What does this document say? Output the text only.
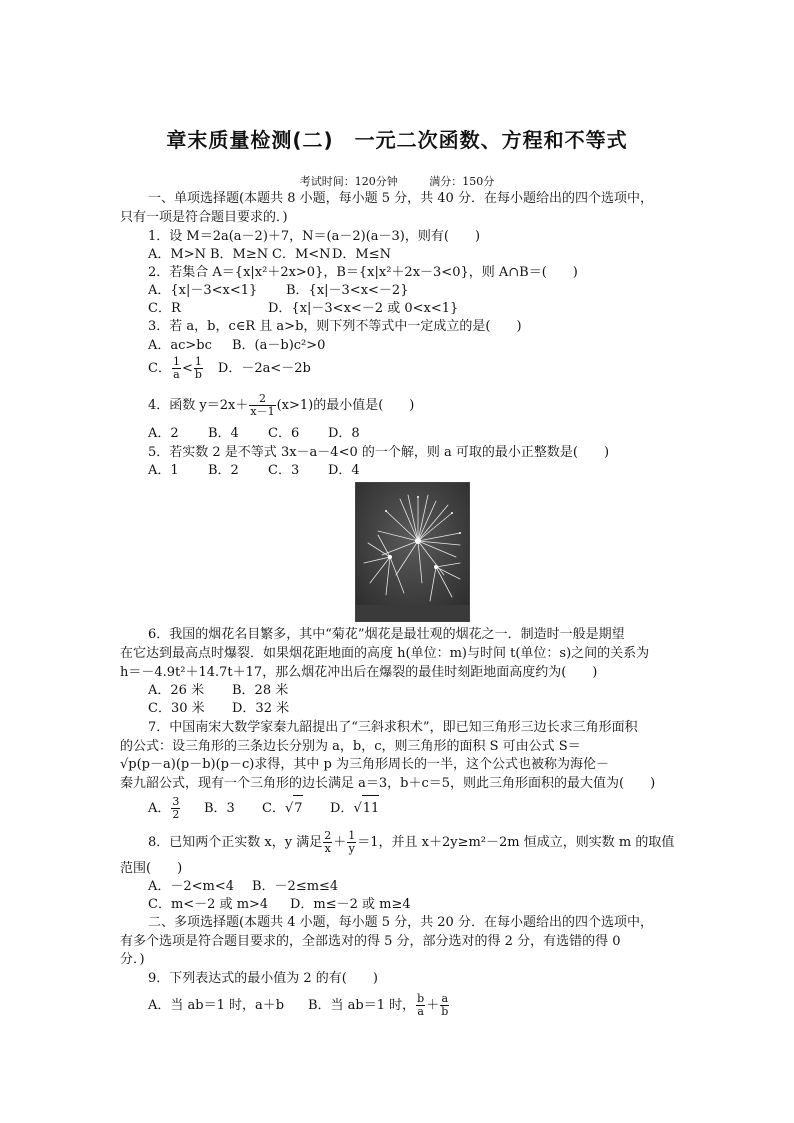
章末质量检测(二)　一元二次函数、方程和不等式
考试时间：120分钟	满分：150分
一、单项选择题(本题共 8 小题，每小题 5 分，共 40 分．在每小题给出的四个选项中，
只有一项是符合题目要求的．)
1．设 M＝2a(a－2)＋7，N＝(a－2)(a－3)，则有(　　)
A．M>N B．M≥N C．M<ND．M≤N
2．若集合 A＝{x|x²＋2x>0}，B＝{x|x²＋2x－3<0}，则 A∩B＝(　　)
A．{x|－3<x<1} B．{x|－3<x<－2}
C．R	D．{x|－3<x<－2 或 0<x<1}
3．若 a，b，c∈R 且 a>b，则下列不等式中一定成立的是(　　)
A．ac>bc B．(a－b)c²>0
C． $\frac{1}{a} < \frac{1}{b}$ D．－2a<－2b
4．函数 $y=2x+ \frac{2}{x-1} (x>1)$的最小值是(　　)
A．2 B．4 C．6 D．8
5．若实数 2 是不等式 3x－a－4<0 的一个解，则 a 可取的最小正整数是(　　)
A．1 B．2 C．3 D．4
6．我国的烟花名目繁多，其中“菊花”烟花是最壮观的烟花之一．制造时一般是期望
在它达到最高点时爆裂．如果烟花距地面的高度 h(单位：m)与时间 t(单位：s)之间的关系为
h＝－4.9t²＋14.7t＋17，那么烟花冲出后在爆裂的最佳时刻距地面高度约为(　　)
A．26 米 B．28 米
C．30 米 D．32 米
7．中国南宋大数学家秦九韶提出了“三斜求积术”，即已知三角形三边长求三角形面积
的公式：设三角形的三条边长分别为 a，b，c，则三角形的面积 S 可由公式 S＝
√p(p－a)(p－b)(p－c)求得，其中 p 为三角形周长的一半，这个公式也被称为海伦－
秦九韶公式，现有一个三角形的边长满足 a＝3，b＋c＝5，则此三角形面积的最大值为(　　)
A． $\frac{3}{2}$ B．3 C．√7 D．√11
8．已知两个正实数 x，y 满足 $\frac{2}{x} + \frac{1}{y} =1$，并且 x＋2y≥m²－2m 恒成立，则实数 m 的取值
范围(　　)
A．－2<m<4 B．－2≤m≤4
C．m<－2 或 m>4 D．m≤－2 或 m≥4
二、多项选择题(本题共 4 小题，每小题 5 分，共 20 分．在每小题给出的四个选项中，
有多个选项是符合题目要求的，全部选对的得 5 分，部分选对的得 2 分，有选错的得 0
分．)
9．下列表达式的最小值为 2 的有(　　)
A．当 ab＝1 时，a＋b B．当 ab＝1 时， $\frac{b}{a} + \frac{a}{b}$
